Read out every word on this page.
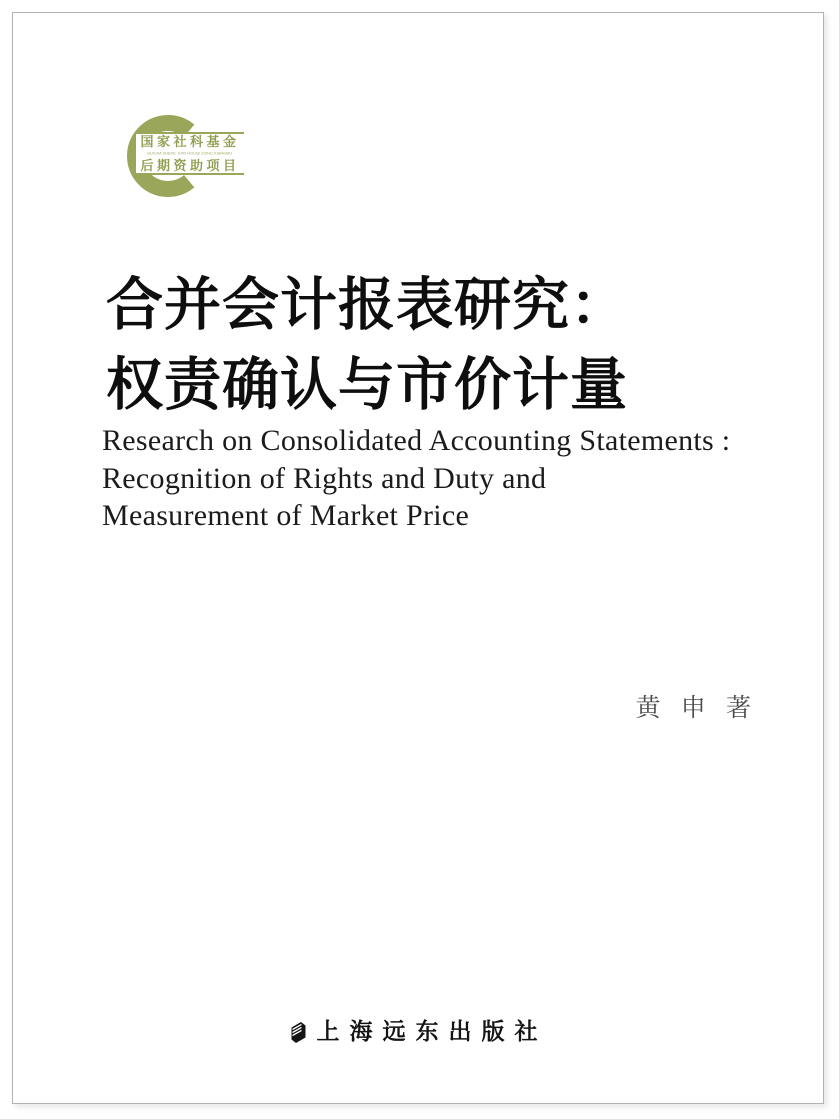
国家社科基金
GUOJIA SHEKE JIJIN HOUQI ZIZHU XIANGMU
后期资助项目
合并会计报表研究：
权责确认与市价计量
Research on Consolidated Accounting Statements :
Recognition of Rights and Duty and
Measurement of Market Price
黄 申 著
上海远东出版社
